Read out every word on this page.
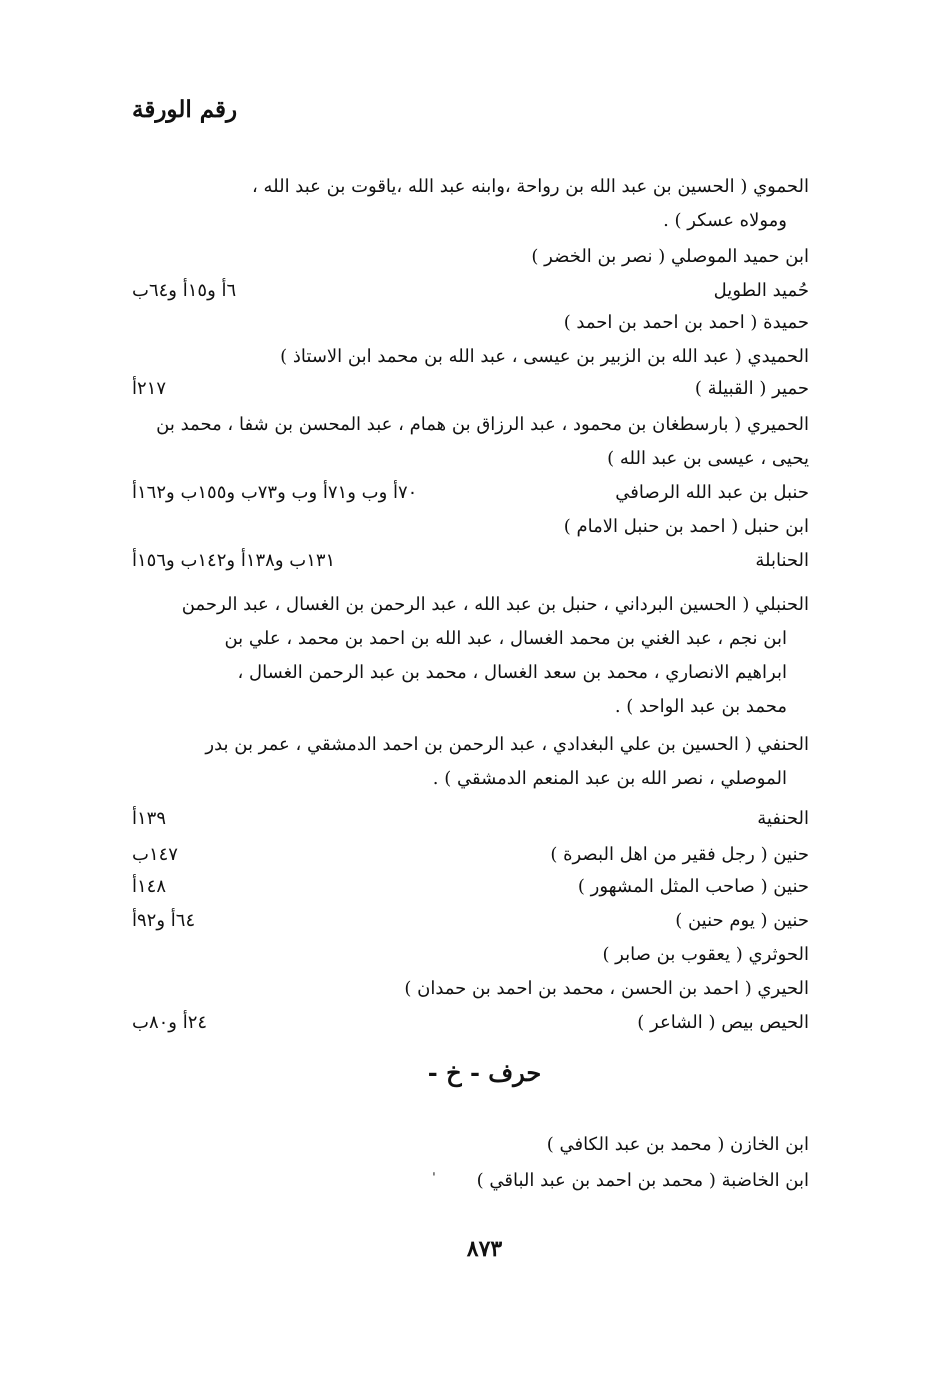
رقم الورقة
الحموي ( الحسين بن عبد الله بن رواحة ،وابنه عبد الله ،ياقوت بن عبد الله ،
ومولاه عسكر ) .
ابن حميد الموصلي ( نصر بن الخضر )
حُميد الطويل
٦أ و١٥أ و٦٤ب
حميدة ( احمد بن احمد بن احمد )
الحميدي ( عبد الله بن الزبير بن عيسى ، عبد الله بن محمد ابن الاستاذ )
حمير ( القبيلة )
٢١٧أ
الحميري ( بارسطغان بن محمود ، عبد الرزاق بن همام ، عبد المحسن بن شفا ، محمد بن
يحيى ، عيسى بن عبد الله )
حنبل بن عبد الله الرصافي
٧٠أ وب و٧١أ وب و٧٣ب و١٥٥ب و١٦٢أ
ابن حنبل ( احمد بن حنبل الامام )
الحنابلة
١٣١ب و١٣٨أ و١٤٢ب و١٥٦أ

الحنبلي ( الحسين البرداني ، حنبل بن عبد الله ، عبد الرحمن بن الغسال ، عبد الرحمن

ابن نجم ، عبد الغني بن محمد الغسال ، عبد الله بن احمد بن محمد ، علي بن

ابراهيم الانصاري ، محمد بن سعد الغسال ، محمد بن عبد الرحمن الغسال ،

محمد بن عبد الواحد ) .

الحنفي ( الحسين بن علي البغدادي ، عبد الرحمن بن احمد الدمشقي ، عمر بن بدر

الموصلي ، نصر الله بن عبد المنعم الدمشقي ) .

الحنفية
١٣٩أ
حنين ( رجل فقير من اهل البصرة )
١٤٧ب
حنين ( صاحب المثل المشهور )
١٤٨أ
حنين ( يوم حنين )
٦٤أ و٩٢أ
الحوثري ( يعقوب بن صابر )
الحيري ( احمد بن الحسن ، محمد بن احمد بن حمدان )
الحيص بيص ( الشاعر )
٢٤أ و٨٠ب
ابن الخازن ( محمد بن عبد الكافي )
ابن الخاضبة ( محمد بن احمد بن عبد الباقي )
حرف - خ -
ˌ
٨٧٣
